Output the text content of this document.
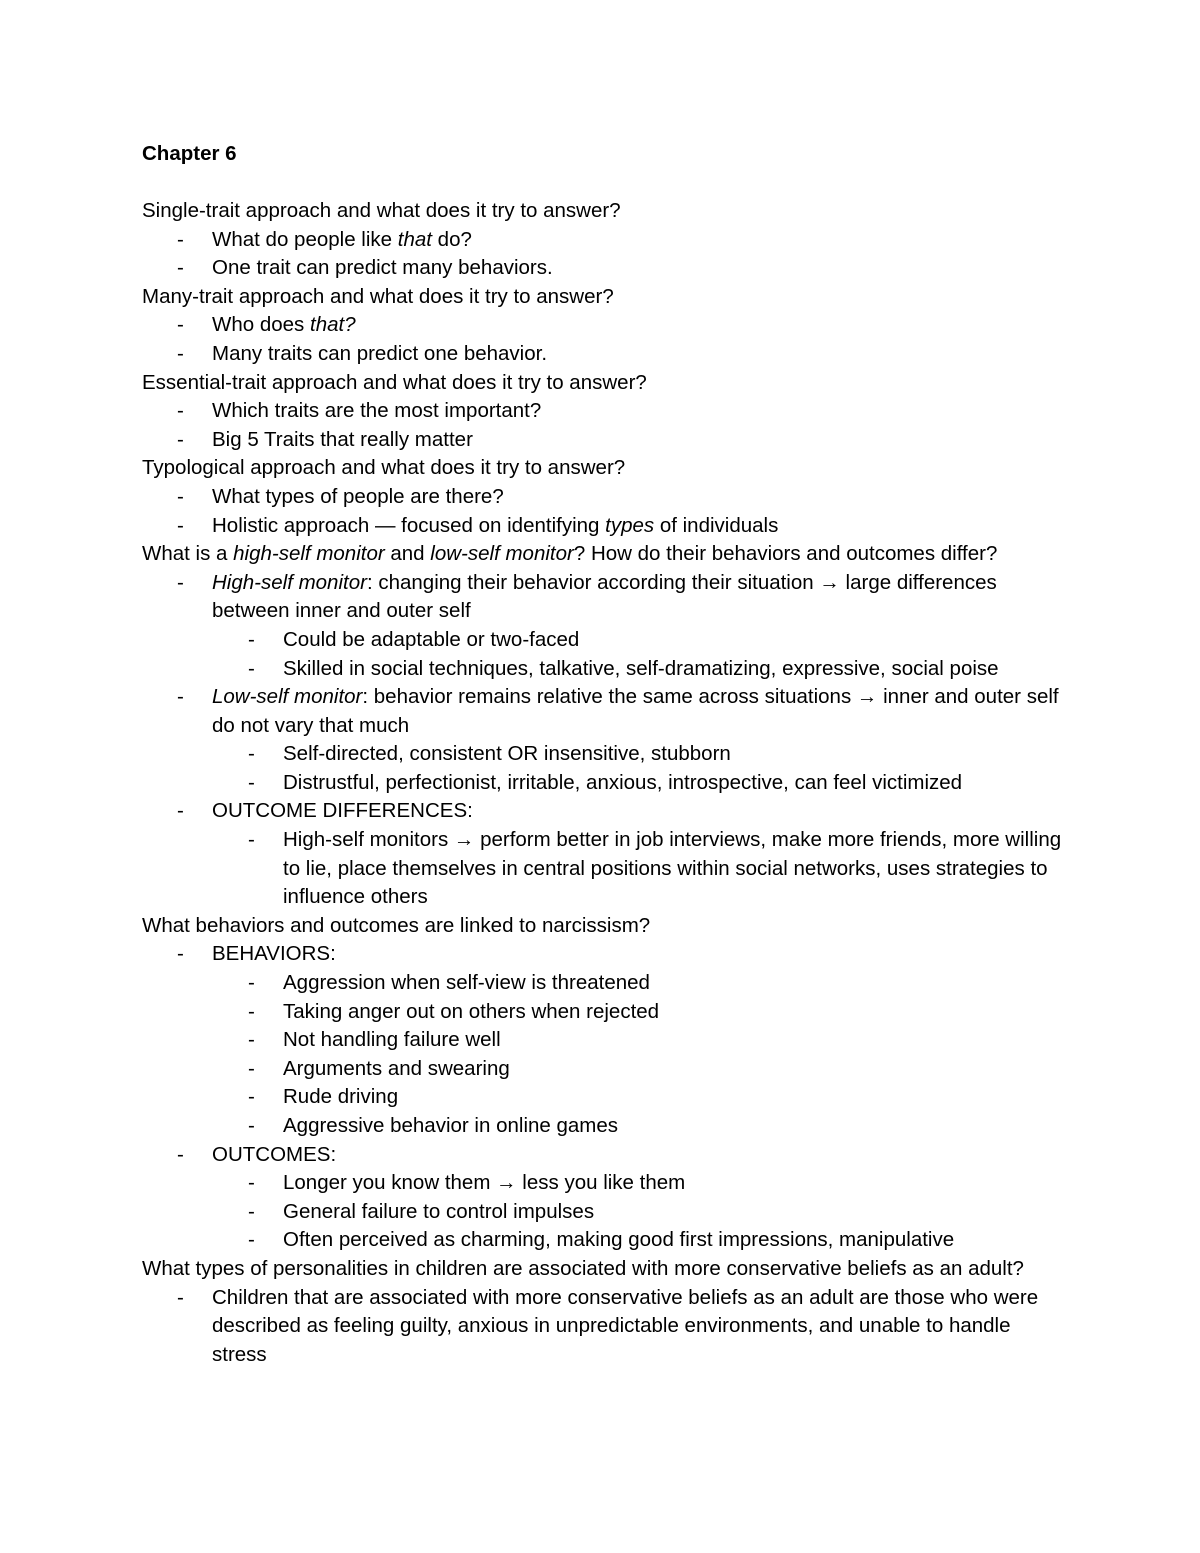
Chapter 6
Single-trait approach and what does it try to answer?
- What do people like that do?
- One trait can predict many behaviors.
Many-trait approach and what does it try to answer?
- Who does that?
- Many traits can predict one behavior.
Essential-trait approach and what does it try to answer?
- Which traits are the most important?
- Big 5 Traits that really matter
Typological approach and what does it try to answer?
- What types of people are there?
- Holistic approach — focused on identifying types of individuals
What is a high-self monitor and low-self monitor? How do their behaviors and outcomes differ?
- High-self monitor: changing their behavior according their situation → large differences between inner and outer self
- Could be adaptable or two-faced
- Skilled in social techniques, talkative, self-dramatizing, expressive, social poise
- Low-self monitor: behavior remains relative the same across situations → inner and outer self do not vary that much
- Self-directed, consistent OR insensitive, stubborn
- Distrustful, perfectionist, irritable, anxious, introspective, can feel victimized
- OUTCOME DIFFERENCES:
- High-self monitors → perform better in job interviews, make more friends, more willing to lie, place themselves in central positions within social networks, uses strategies to influence others
What behaviors and outcomes are linked to narcissism?
- BEHAVIORS:
- Aggression when self-view is threatened
- Taking anger out on others when rejected
- Not handling failure well
- Arguments and swearing
- Rude driving
- Aggressive behavior in online games
- OUTCOMES:
- Longer you know them → less you like them
- General failure to control impulses
- Often perceived as charming, making good first impressions, manipulative
What types of personalities in children are associated with more conservative beliefs as an adult?
- Children that are associated with more conservative beliefs as an adult are those who were described as feeling guilty, anxious in unpredictable environments, and unable to handle stress
